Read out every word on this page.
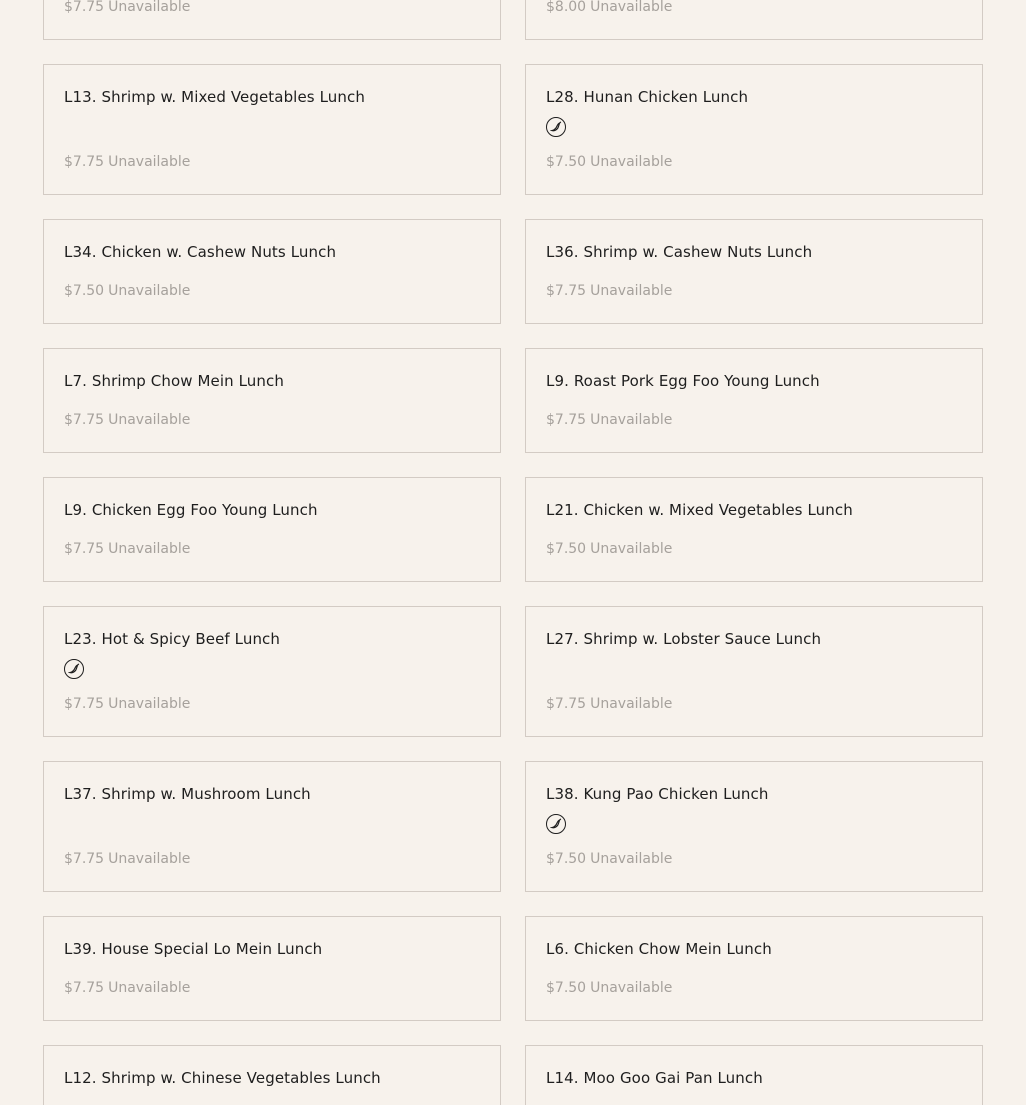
$7.75 Unavailable	$8.00 Unavailable
L13. Shrimp w. Mixed Vegetables Lunch
$7.75 Unavailable
L28. Hunan Chicken Lunch
$7.50 Unavailable
L34. Chicken w. Cashew Nuts Lunch
$7.50 Unavailable
L36. Shrimp w. Cashew Nuts Lunch
$7.75 Unavailable
L7. Shrimp Chow Mein Lunch
$7.75 Unavailable
L9. Roast Pork Egg Foo Young Lunch
$7.75 Unavailable
L9. Chicken Egg Foo Young Lunch
$7.75 Unavailable
L21. Chicken w. Mixed Vegetables Lunch
$7.50 Unavailable
L23. Hot & Spicy Beef Lunch
$7.75 Unavailable
L27. Shrimp w. Lobster Sauce Lunch
$7.75 Unavailable
L37. Shrimp w. Mushroom Lunch
$7.75 Unavailable
L38. Kung Pao Chicken Lunch
$7.50 Unavailable
L39. House Special Lo Mein Lunch
$7.75 Unavailable
L6. Chicken Chow Mein Lunch
$7.50 Unavailable
L12. Shrimp w. Chinese Vegetables Lunch	L14. Moo Goo Gai Pan Lunch
